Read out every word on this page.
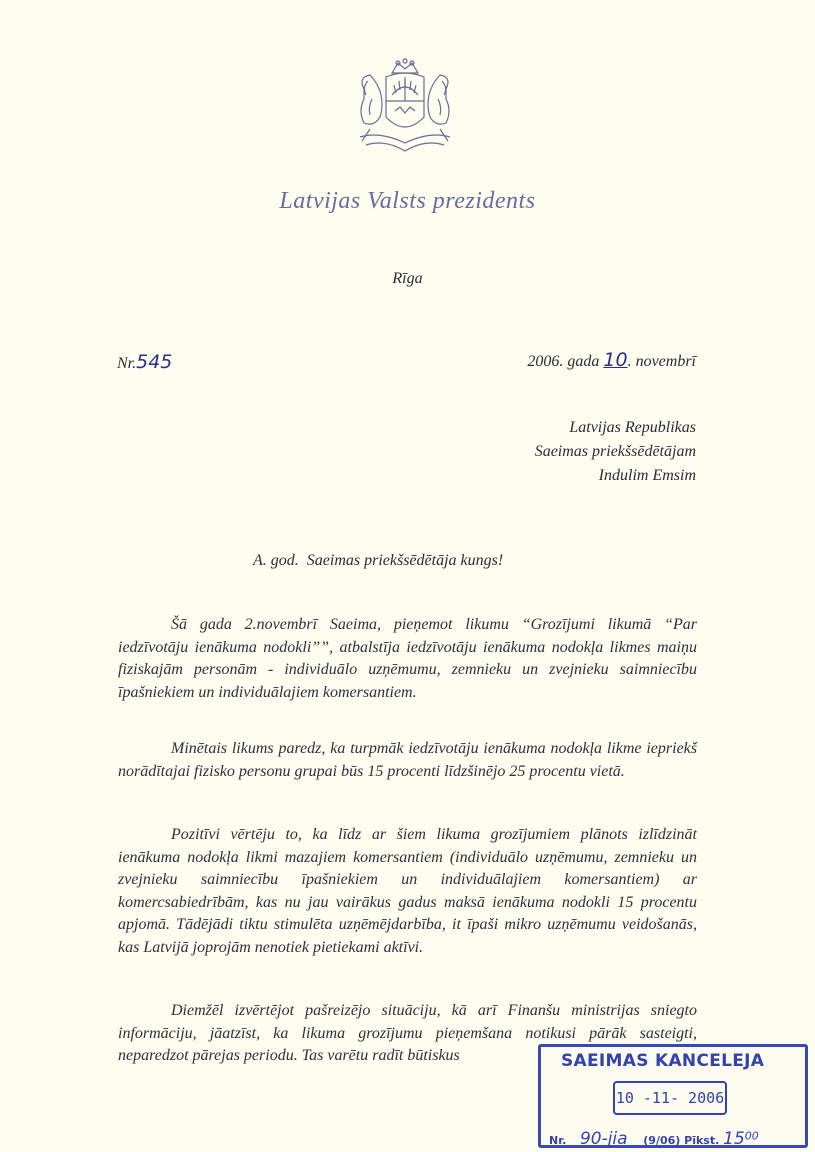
Latvijas Valsts prezidents
Rīga
Nr.545	2006. gada 10. novembrī
Latvijas Republikas
Saeimas priekšsēdētājam
Indulim Emsim
A. god.  Saeimas priekšsēdētāja kungs!
Šā gada 2.novembrī Saeima, pieņemot likumu “Grozījumi likumā “Par iedzīvotāju ienākuma nodokli””, atbalstīja iedzīvotāju ienākuma nodokļa likmes maiņu fiziskajām personām - individuālo uzņēmumu, zemnieku un zvejnieku saimniecību īpašniekiem un individuālajiem komersantiem.
Minētais likums paredz, ka turpmāk iedzīvotāju ienākuma nodokļa likme iepriekš norādītajai fizisko personu grupai būs 15 procenti līdzšinējo 25 procentu vietā.
Pozitīvi vērtēju to, ka līdz ar šiem likuma grozījumiem plānots izlīdzināt ienākuma nodokļa likmi mazajiem komersantiem (individuālo uzņēmumu, zemnieku un zvejnieku saimniecību īpašniekiem un individuālajiem komersantiem) ar komercsabiedrībām, kas nu jau vairākus gadus maksā ienākuma nodokli 15 procentu apjomā. Tādējādi tiktu stimulēta uzņēmējdarbība, it īpaši mikro uzņēmumu veidošanās, kas Latvijā joprojām nenotiek pietiekami aktīvi.
Diemžēl izvērtējot pašreizējo situāciju, kā arī Finanšu ministrijas sniegto informāciju, jāatzīst, ka likuma grozījumu pieņemšana notikusi pārāk sasteigti, neparedzot pārejas periodu. Tas varētu radīt būtiskus	SAEIMAS KANCELEJA
10 -11- 2006
Nr. 90-jia (9/06) Pīkst. $15^{00}$
